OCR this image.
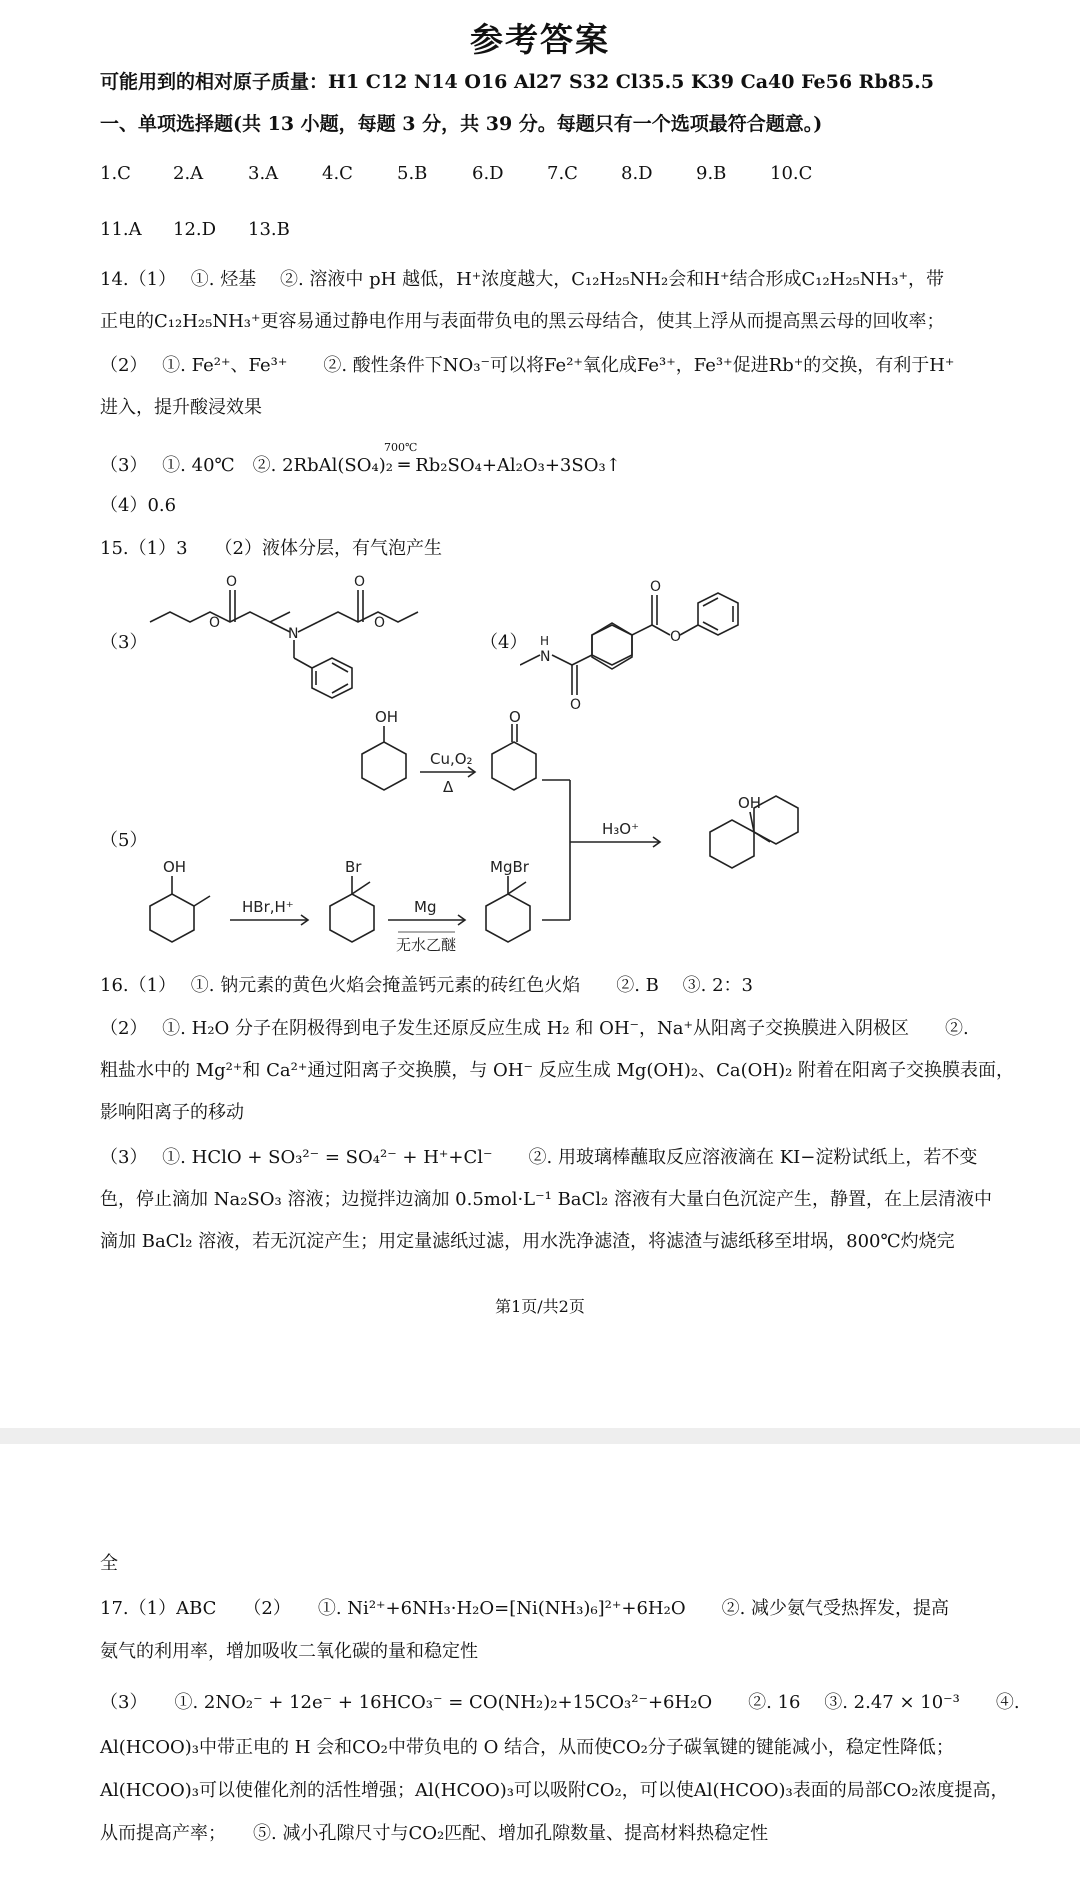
参考答案
可能用到的相对原子质量：H1 C12 N14 O16 Al27 S32 Cl35.5 K39 Ca40 Fe56 Rb85.5
一、单项选择题(共 13 小题，每题 3 分，共 39 分。每题只有一个选项最符合题意。)
1.C 2.A 3.A 4.C 5.B 6.D 7.C 8.D 9.B 10.C
11.A 12.D 13.B
14.（1）　 ①. 烃基　 ②. 溶液中 pH 越低，H⁺浓度越大，C₁₂H₂₅NH₂会和H⁺结合形成C₁₂H₂₅NH₃⁺，带
正电的C₁₂H₂₅NH₃⁺更容易通过静电作用与表面带负电的黑云母结合，使其上浮从而提高黑云母的回收率；
（2）　 ①. Fe²⁺、Fe³⁺　　②. 酸性条件下NO₃⁻可以将Fe²⁺氧化成Fe³⁺，Fe³⁺促进Rb⁺的交换，有利于H⁺
进入，提升酸浸效果
700℃
（3）　 ①. 40℃　②. 2RbAl(SO₄)₂ ═ Rb₂SO₄+Al₂O₃+3SO₃↑
（4）0.6
15.（1）3　　（2）液体分层，有气泡产生
（3）	（4）
（5）
O
O
N
O
O
N
H
O
O
O
OH
Cu,O₂
Δ
O
H₃O⁺
OH
HBr,H⁺
Br
Mg
无水乙醚
MgBr
OH
16.（1）　 ①. 钠元素的黄色火焰会掩盖钙元素的砖红色火焰　　②. B　 ③. 2：3
（2）　 ①. H₂O 分子在阴极得到电子发生还原反应生成 H₂ 和 OH⁻，Na⁺从阳离子交换膜进入阴极区　　②.
粗盐水中的 Mg²⁺和 Ca²⁺通过阳离子交换膜，与 OH⁻ 反应生成 Mg(OH)₂、Ca(OH)₂ 附着在阳离子交换膜表面，
影响阳离子的移动
（3）　 ①. HClO + SO₃²⁻ = SO₄²⁻ + H⁺+Cl⁻　　②. 用玻璃棒蘸取反应溶液滴在 KI−淀粉试纸上，若不变
色，停止滴加 Na₂SO₃ 溶液；边搅拌边滴加 0.5mol·L⁻¹ BaCl₂ 溶液有大量白色沉淀产生，静置，在上层清液中
滴加 BaCl₂ 溶液，若无沉淀产生；用定量滤纸过滤，用水洗净滤渣，将滤渣与滤纸移至坩埚，800℃灼烧完
第1页/共2页
全
17.（1）ABC　　（2）　　①. Ni²⁺+6NH₃·H₂O=[Ni(NH₃)₆]²⁺+6H₂O　　②. 减少氨气受热挥发，提高
氨气的利用率，增加吸收二氧化碳的量和稳定性
（3）　　①. 2NO₂⁻ + 12e⁻ + 16HCO₃⁻ = CO(NH₂)₂+15CO₃²⁻+6H₂O　　②. 16　 ③. 2.47 × 10⁻³　　④.
Al(HCOO)₃中带正电的 H 会和CO₂中带负电的 O 结合，从而使CO₂分子碳氧键的键能减小，稳定性降低；
Al(HCOO)₃可以使催化剂的活性增强；Al(HCOO)₃可以吸附CO₂，可以使Al(HCOO)₃表面的局部CO₂浓度提高，
从而提高产率；　　⑤. 减小孔隙尺寸与CO₂匹配、增加孔隙数量、提高材料热稳定性
